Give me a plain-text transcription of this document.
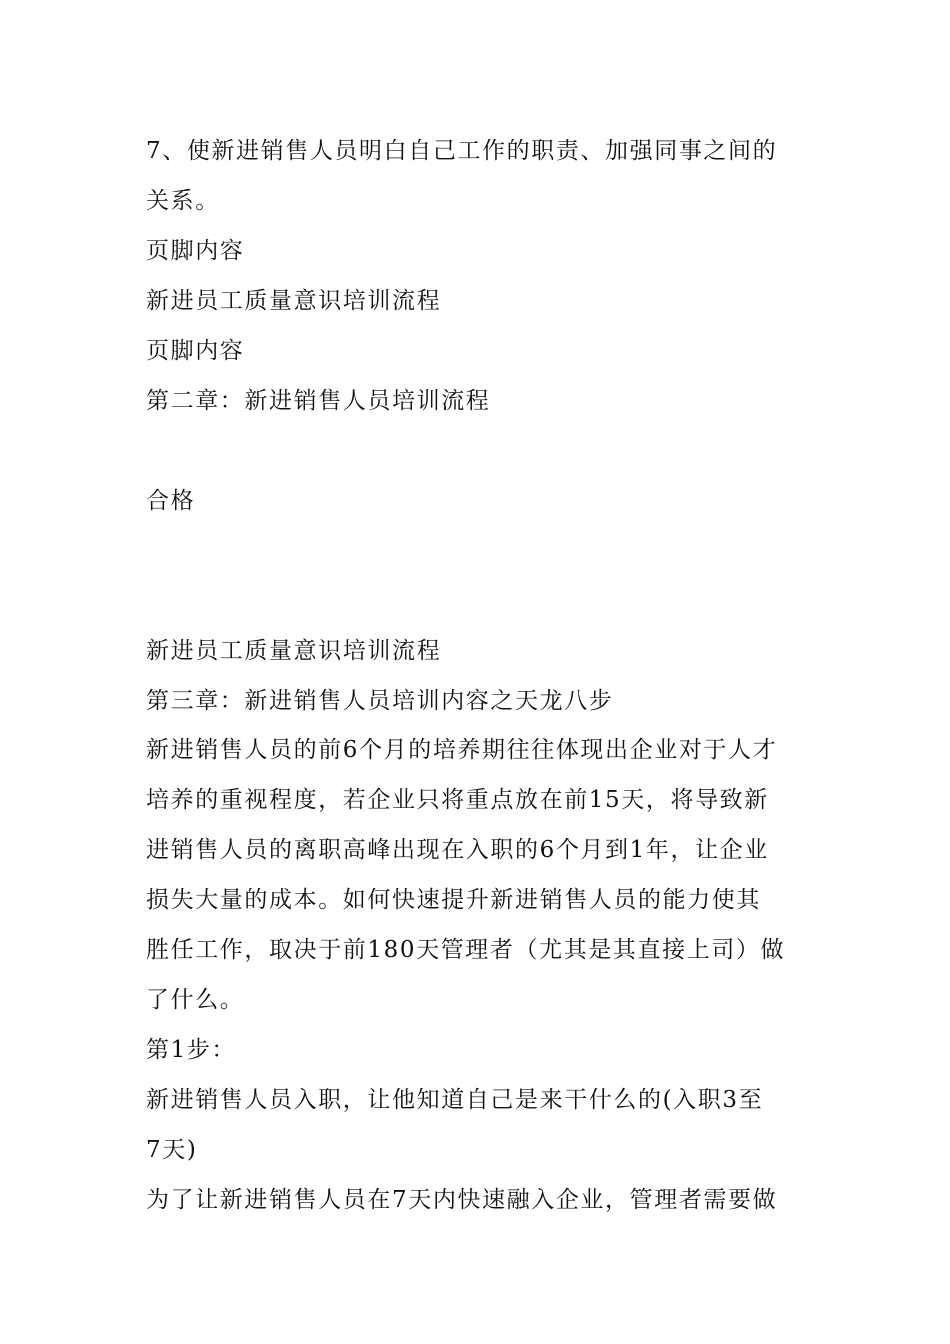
7、使新进销售人员明白自己工作的职责、加强同事之间的
关系。
页脚内容
新进员工质量意识培训流程
页脚内容
第二章：新进销售人员培训流程
合格
新进员工质量意识培训流程
第三章：新进销售人员培训内容之天龙八步
新进销售人员的前6个月的培养期往往体现出企业对于人才
培养的重视程度，若企业只将重点放在前15天，将导致新
进销售人员的离职高峰出现在入职的6个月到1年，让企业
损失大量的成本。如何快速提升新进销售人员的能力使其
胜任工作，取决于前180天管理者（尤其是其直接上司）做
了什么。
第1步：
新进销售人员入职，让他知道自己是来干什么的(入职3至
7天)
为了让新进销售人员在7天内快速融入企业，管理者需要做
